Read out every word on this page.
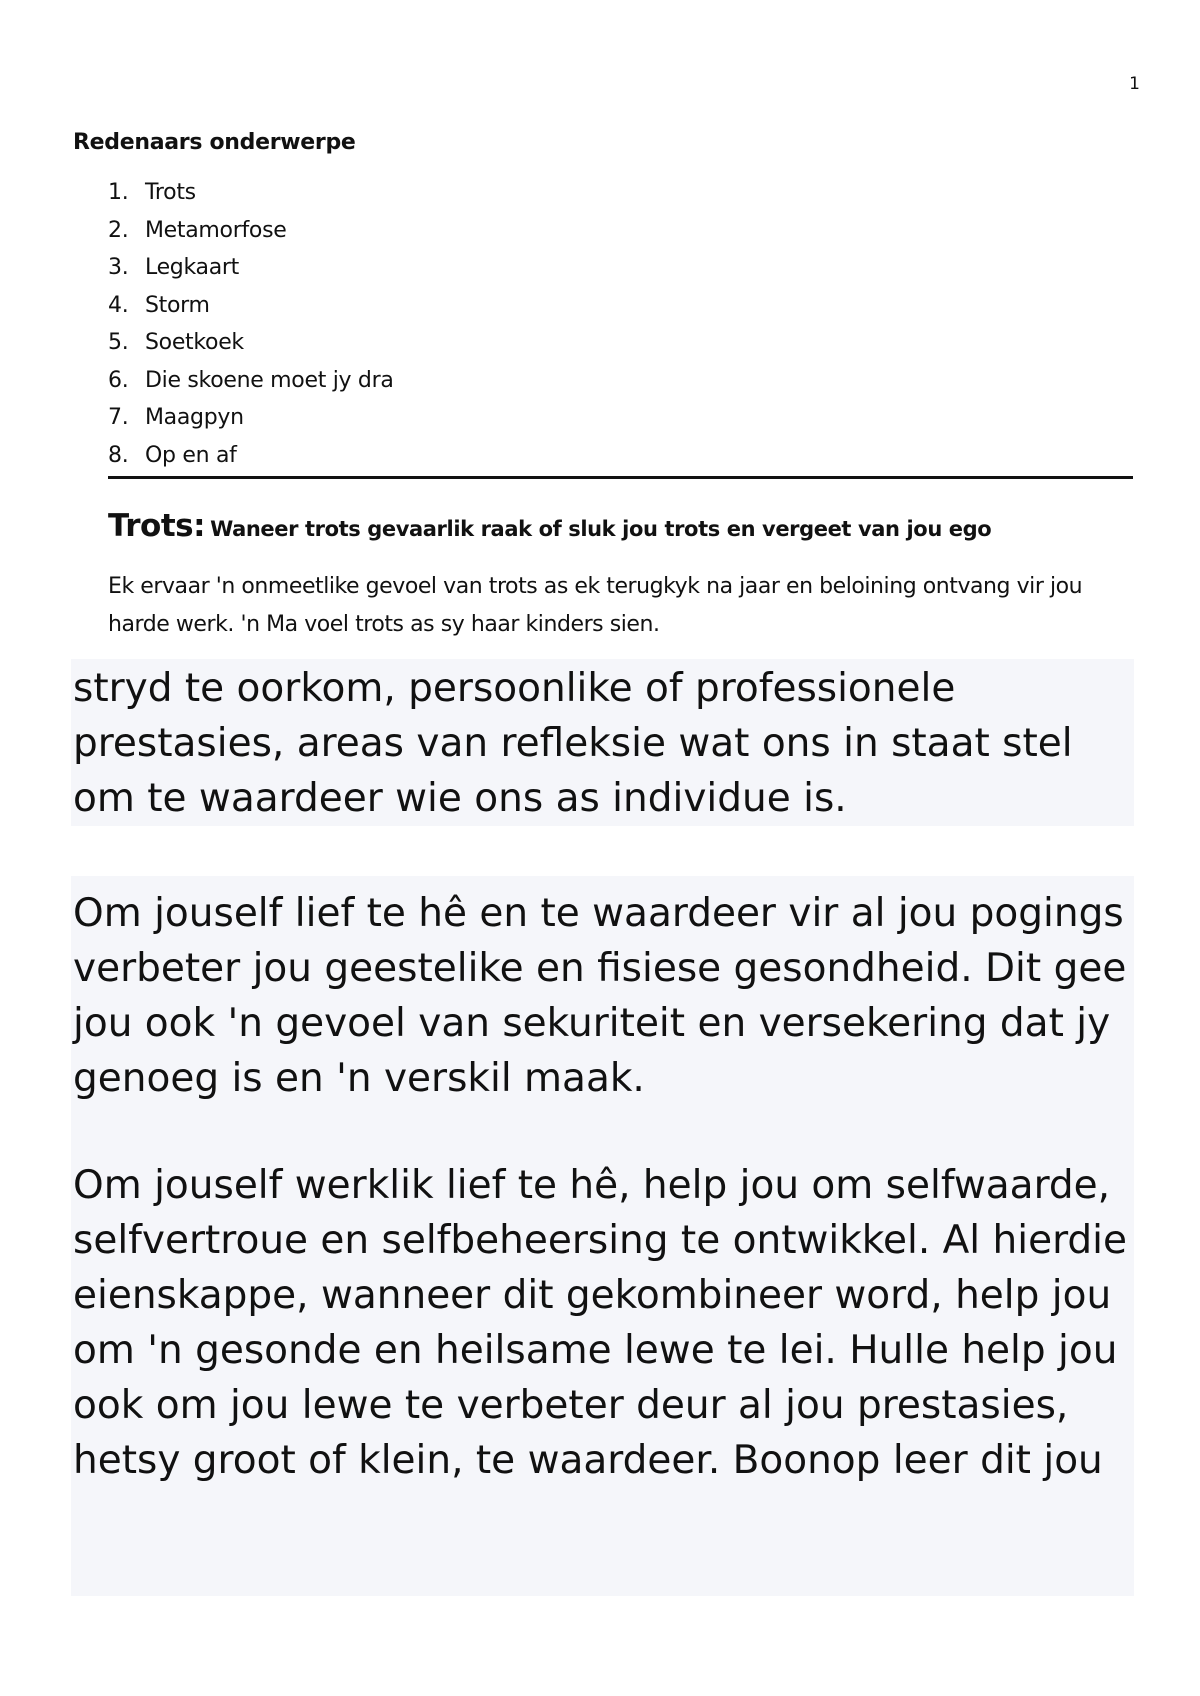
1
Redenaars onderwerpe
1. Trots
2. Metamorfose
3. Legkaart
4. Storm
5. Soetkoek
6. Die skoene moet jy dra
7. Maagpyn
8. Op en af
Trots: Waneer trots gevaarlik raak of sluk jou trots en vergeet van jou ego
Ek ervaar 'n onmeetlike gevoel van trots as ek terugkyk na jaar en beloining ontvang vir jou harde werk. 'n Ma voel trots as sy haar kinders sien.

stryd te oorkom, persoonlike of professionele prestasies, areas van refleksie wat ons in staat stel om te waardeer wie ons as individue is.

Om jouself lief te hê en te waardeer vir al jou pogings verbeter jou geestelike en fisiese gesondheid. Dit gee jou ook 'n gevoel van sekuriteit en versekering dat jy genoeg is en 'n verskil maak.

Om jouself werklik lief te hê, help jou om selfwaarde, selfvertroue en selfbeheersing te ontwikkel. Al hierdie eienskappe, wanneer dit gekombineer word, help jou om 'n gesonde en heilsame lewe te lei. Hulle help jou ook om jou lewe te verbeter deur al jou prestasies, hetsy groot of klein, te waardeer. Boonop leer dit jou
